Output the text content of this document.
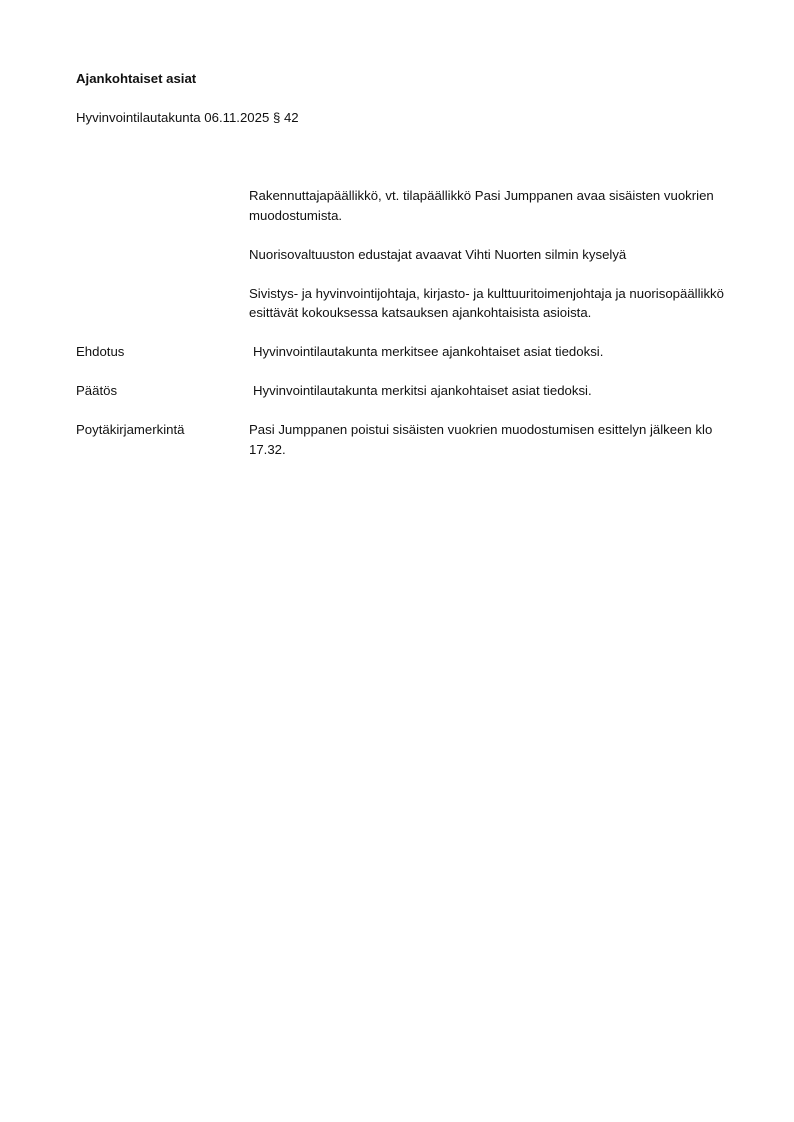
Ajankohtaiset asiat
Hyvinvointilautakunta 06.11.2025 § 42

Rakennuttajapäällikkö, vt. tilapäällikkö Pasi Jumppanen avaa sisäisten vuokrien muodostumista.

Nuorisovaltuuston edustajat avaavat Vihti Nuorten silmin kyselyä

Sivistys- ja hyvinvointijohtaja, kirjasto- ja kulttuuritoimenjohtaja ja nuorisopäällikkö esittävät kokouksessa katsauksen ajankohtaisista asioista.

Ehdotus	Hyvinvointilautakunta merkitsee ajankohtaiset asiat tiedoksi.
Päätös	Hyvinvointilautakunta merkitsi ajankohtaiset asiat tiedoksi.
Poytäkirjamerkintä	Pasi Jumppanen poistui sisäisten vuokrien muodostumisen esittelyn jälkeen klo 17.32.
